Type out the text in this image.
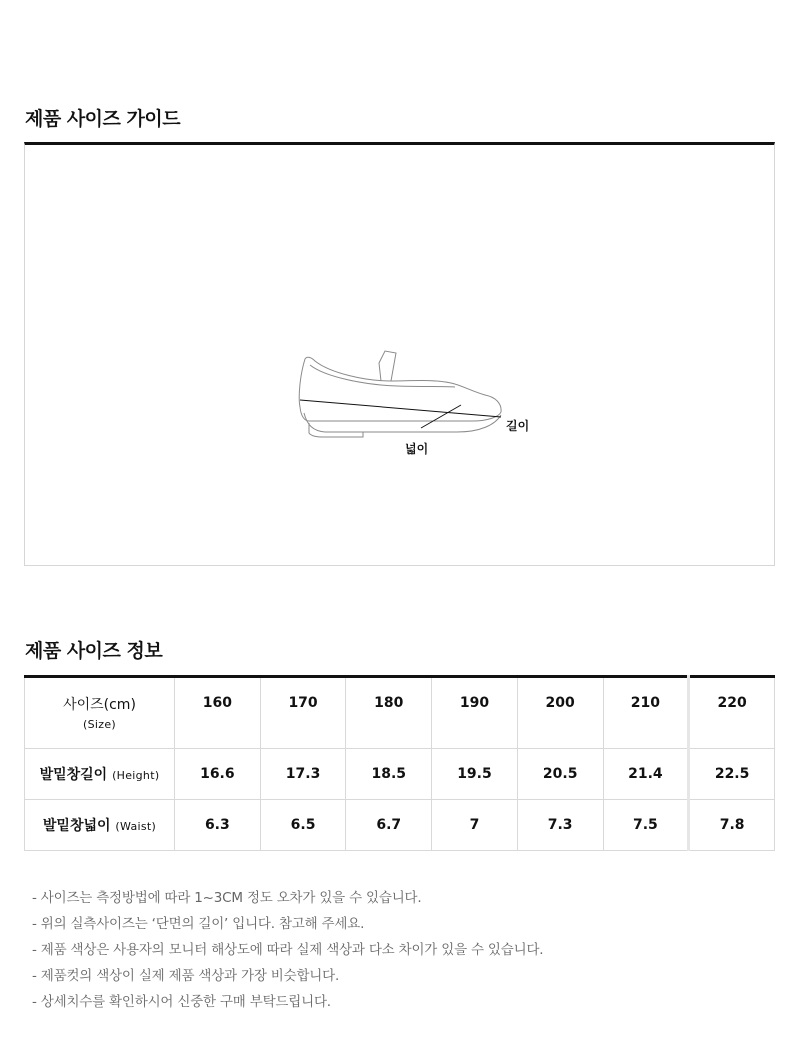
제품 사이즈 가이드
길이
넓이
제품 사이즈 정보
사이즈(cm)
(Size)	160	170	180	190	200	210	220
발밑창길이 (Height)	16.6	17.3	18.5	19.5	20.5	21.4	22.5
발밑창넓이 (Waist)	6.3	6.5	6.7	7	7.3	7.5	7.8
- 사이즈는 측정방법에 따라 1~3CM 정도 오차가 있을 수 있습니다.
- 위의 실측사이즈는 ‘단면의 길이’ 입니다. 참고해 주세요.
- 제품 색상은 사용자의 모니터 해상도에 따라 실제 색상과 다소 차이가 있을 수 있습니다.
- 제품컷의 색상이 실제 제품 색상과 가장 비슷합니다.
- 상세치수를 확인하시어 신중한 구매 부탁드립니다.
